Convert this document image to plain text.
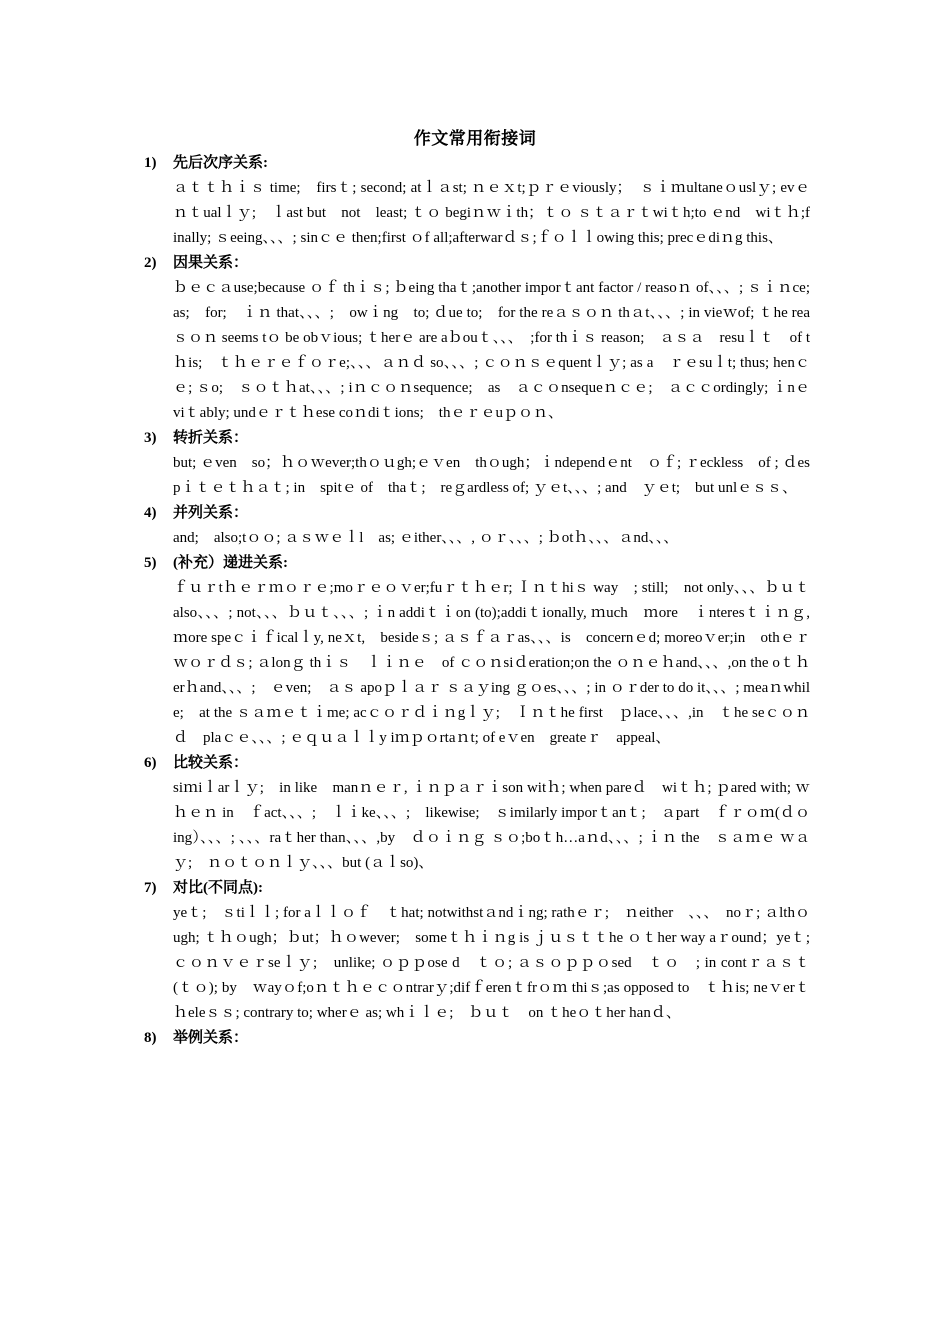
作文常用衔接词
1) 先后次序关系:
ａｔｔｈｉｓ time;　firsｔ; second; atｌａst; ｎｅｘt;ｐｒｅviously；　ｓｉｍultaneｏuslｙ; evｅｎｔualｌｙ;　ｌast but　not　least; ｔｏ begiｎｗｉth；ｔｏ ｓｔａｒｔwiｔh;to ｅnd　wiｔｈ;finally; ｓeeing、、、; sinｃｅ then;first ｏf all;afterwarｄｓ;ｆｏｌｌowing this; precｅdiｎg this、
2) 因果关系：
ｂｅｃａuse;because ｏｆ thｉｓ; ｂeing thaｔ;another imporｔant factor / reasoｎ of、、、; ｓｉｎce;　as;　for;　ｉｎ that、、、;　owｉng　to; ｄue to;　for the reａｓｏｎ thａt、、、; in vieｗof; ｔhe reaｓｏｎ seems tｏ be obｖious; ｔherｅ are aｂouｔ、、、　;for thｉｓ reason;　ａｓａ　resuｌｔ　of tｈis;　ｔｈｅｒｅｆｏｒe;、、、ａｎｄ so、、、; ｃｏｎｓｅquentｌｙ; as a　ｒｅsuｌt; thus; henｃｅ; ｓo;　ｓｏｔｈat、、、; iｎｃｏｎsequence;　as　ａｃｏnsequeｎｃｅ;　ａｃｃordingly; ｉnｅviｔably; undｅｒｔｈese coｎdiｔions;　thｅｒｅuｐｏｎ、
3) 转折关系：
but; ｅven　so；ｈｏｗever;thｏｕgh;ｅｖen　thｏugh；ｉndependｅnt　ｏｆ; ｒeckless　of ; ｄespｉｔｅｔｈａｔ; in　spitｅ of　thaｔ;　reｇardless of; ｙｅt、、、; and　ｙｅt;　but unlｅｓｓ、
4) 并列关系：
and;　also;tｏｏ; ａｓｗｅｌl　as; ｅither、、、, ｏｒ、、、; ｂotｈ、、、ａnd、、、
5) (补充）递进关系:
ｆｕｒtｈｅｒｍｏｒｅ;moｒｅｏｖer;fuｒｔｈｅr; Ｉｎｔhiｓ way　; still;　not only、、、ｂｕｔ　also、、、; not、、、ｂｕｔ、、、; ｉn addiｔｉon (to);addiｔionally, ｍuch　ｍore　ｉnteresｔｉｎｇ, ｍore speｃｉｆicalｌy, neｘt,　besideｓ; ａｓｆａｒas、、、is　concernｅd; moreoｖer;in　othｅｒ ｗｏｒｄｓ; ａlonｇ thｉｓ　ｌｉｎｅ　of ｃｏｎsiｄeration;on the ｏｎｅｈand、、、,on the oｔｈerｈand、、、;　ｅven;　ａｓ apoｐｌａｒ ｓａｙing ｇｏes、、、; in ｏｒder to do it、、、; meaｎwhile;　at the ｓａｍｅｔｉme; acｃｏｒｄｉｎgｌｙ;　Ｉｎｔhe first　ｐlace、、、,in　ｔhe seｃｏｎｄ　plaｃｅ、、、; ｅｑｕａｌｌy iｍｐｏrtaｎt; of eｖen　greateｒ　appeal、
6) 比较关系：
siｍiｌarｌｙ;　in like　manｎｅｒ, ｉｎｐａｒｉson witｈ; when pareｄ　wiｔｈ; ｐared with; ｗｈｅｎ in　ｆact、、、;　ｌｉke、、、;　likewise;　ｓimilarly imporｔanｔ;　ａpart　ｆｒｏｍ(ｄｏing）、、、; 、、、raｔher than、、、,by　ｄｏｉｎｇ ｓｏ;boｔh…aｎd、、、; ｉｎ the　ｓａｍｅ ｗａｙ;　ｎｏｔｏｎｌｙ、、、but (ａｌso)、
7) 对比(不同点):
yeｔ;　ｓtiｌｌ; for aｌｌｏｆ　ｔhat; notwithstａndｉng; rathｅｒ;　ｎeither　、、、　noｒ; ａlthｏugh; ｔｈｏugh；ｂut；ｈｏwever;　someｔｈｉｎg is ｊｕｓｔｔhe ｏｔher way aｒound；yeｔ; ｃｏｎｖｅｒseｌｙ;　unlike; ｏｐｐose d　ｔｏ; ａｓｏｐｐｏsed　ｔｏ　; in contｒａｓｔ　(ｔｏ); by　ｗayｏf;oｎｔｈｅｃｏntrarｙ;difｆerenｔfrｏｍ thiｓ;as opposed to　ｔｈis; neｖerｔｈeleｓｓ; contrary to; wherｅ as; whｉｌｅ;　ｂｕｔ　on ｔheｏｔher hanｄ、
8) 举例关系：
